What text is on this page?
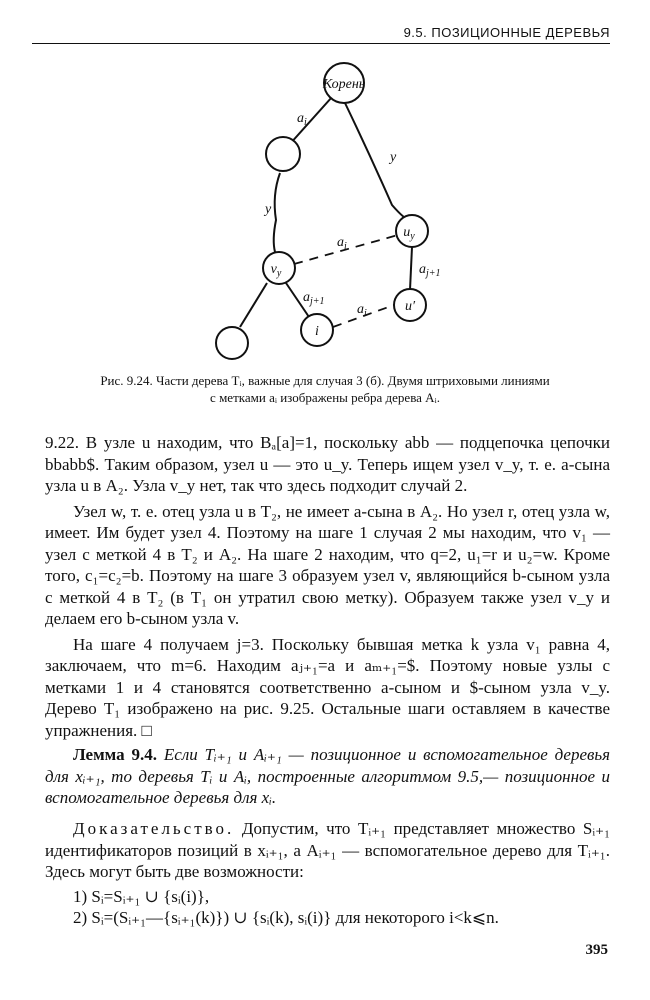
9.5. ПОЗИЦИОННЫЕ ДЕРЕВЬЯ
Корень
$u_y$
$v_y$
u′
i
$a_i$
y
y
$a_i$
$a_{j+1}$
$a_{j+1}$
$a_i$
Рис. 9.24. Части дерева Tᵢ, важные для случая 3 (б). Двумя штриховыми линиями
с метками aᵢ изображены ребра дерева Aᵢ.

9.22. В узле u находим, что Bₐ[a]=1, поскольку abb — подцепочка цепочки bbabb$. Таким образом, узел u — это u_y. Теперь ищем узел v_y, т. е. a-сына узла u в A₂. Узла v_y нет, так что здесь подходит случай 2.

Узел w, т. е. отец узла u в T₂, не имеет a-сына в A₂. Но узел r, отец узла w, имеет. Им будет узел 4. Поэтому на шаге 1 случая 2 мы находим, что v₁ — узел с меткой 4 в T₂ и A₂. На шаге 2 находим, что q=2, u₁=r и u₂=w. Кроме того, c₁=c₂=b. Поэтому на шаге 3 образуем узел v, являющийся b-сыном узла с меткой 4 в T₂ (в T₁ он утратил свою метку). Образуем также узел v_y и делаем его b-сыном узла v.

На шаге 4 получаем j=3. Поскольку бывшая метка k узла v₁ равна 4, заключаем, что m=6. Находим aⱼ₊₁=a и aₘ₊₁=$. Поэтому новые узлы с метками 1 и 4 становятся соответственно a-сыном и $-сыном узла v_y. Дерево T₁ изображено на рис. 9.25. Остальные шаги оставляем в качестве упражнения. □

Лемма 9.4. Если Tᵢ₊₁ и Aᵢ₊₁ — позиционное и вспомогательное деревья для xᵢ₊₁, то деревья Tᵢ и Aᵢ, построенные алгоритмом 9.5,— позиционное и вспомогательное деревья для xᵢ.

Доказательство. Допустим, что Tᵢ₊₁ представляет множество Sᵢ₊₁ идентификаторов позиций в xᵢ₊₁, а Aᵢ₊₁ — вспомогательное дерево для Tᵢ₊₁. Здесь могут быть две возможности:

1) Sᵢ=Sᵢ₊₁ ∪ {sᵢ(i)},

2) Sᵢ=(Sᵢ₊₁—{sᵢ₊₁(k)}) ∪ {sᵢ(k), sᵢ(i)} для некоторого i<k⩽n.

395
